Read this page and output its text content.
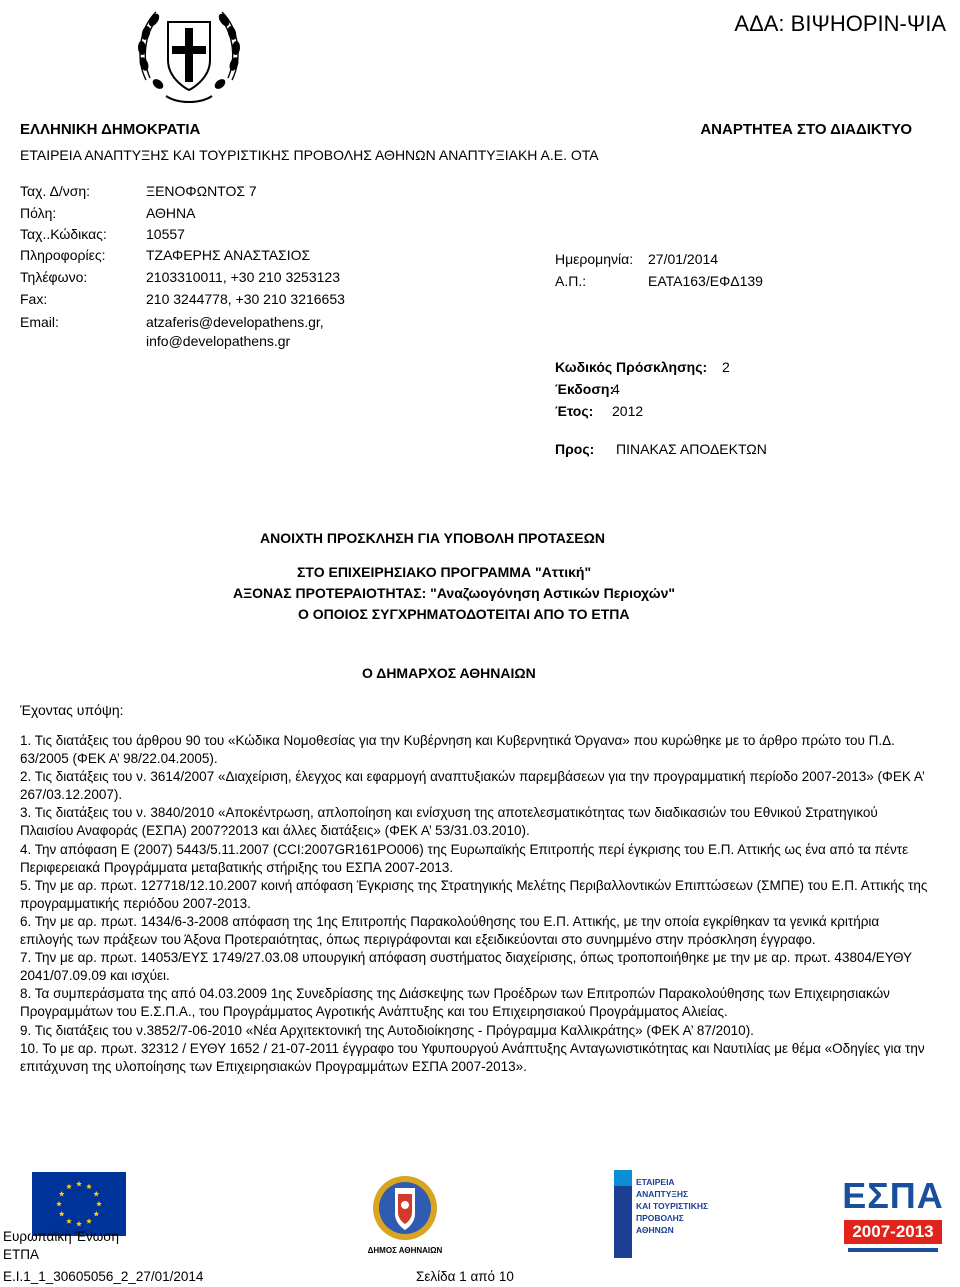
ΑΔΑ: ΒΙΨΗΟΡΙΝ-ΨΙΑ
ΕΛΛΗΝΙΚΗ ΔΗΜΟΚΡΑΤΙΑ	ΑΝΑΡΤΗΤΕΑ ΣΤΟ ΔΙΑΔΙΚΤΥΟ
ΕΤΑΙΡΕΙΑ ΑΝΑΠΤΥΞΗΣ ΚΑΙ ΤΟΥΡΙΣΤΙΚΗΣ ΠΡΟΒΟΛΗΣ ΑΘΗΝΩΝ ΑΝΑΠΤΥΞΙΑΚΗ Α.Ε. ΟΤΑ
Ταχ. Δ/νση:	ΞΕΝΟΦΩΝΤΟΣ 7
Πόλη:	ΑΘΗΝΑ
Ταχ..Κώδικας:	10557
Πληροφορίες:	ΤΖΑΦΕΡΗΣ ΑΝΑΣΤΑΣΙΟΣ
Τηλέφωνο:	2103310011, +30 210 3253123
Fax:	210 3244778, +30 210 3216653
Email:	atzaferis@developathens.gr,
info@developathens.gr
Ημερομηνία: 27/01/2014
Α.Π.:	ΕΑΤΑ163/ΕΦΔ139
Κωδικός Πρόσκλησης: 2
Έκδοση:
4
Έτος: 2012
Προς: ΠΙΝΑΚΑΣ ΑΠΟΔΕΚΤΩΝ
ΑΝΟΙΧΤΗ ΠΡΟΣΚΛΗΣΗ ΓΙΑ ΥΠΟΒΟΛΗ ΠΡΟΤΑΣΕΩΝ
ΣΤΟ ΕΠΙΧΕΙΡΗΣΙΑΚΟ ΠΡΟΓΡΑΜΜΑ "Αττική"
ΑΞΟΝΑΣ ΠΡΟΤΕΡΑΙΟΤΗΤΑΣ: "Αναζωογόνηση Αστικών Περιοχών"
Ο ΟΠΟΙΟΣ ΣΥΓΧΡΗΜΑΤΟΔΟΤΕΙΤΑΙ ΑΠΟ ΤΟ ΕΤΠΑ
Ο ΔΗΜΑΡΧΟΣ ΑΘΗΝΑΙΩΝ
Έχοντας υπόψη:

1. Τις διατάξεις του άρθρου 90 του «Κώδικα Νομοθεσίας για την Κυβέρνηση και Κυβερνητικά Όργανα» που κυρώθηκε με το άρθρο πρώτο του Π.Δ. 63/2005 (ΦΕΚ Α’ 98/22.04.2005).

2. Τις διατάξεις του ν. 3614/2007 «Διαχείριση, έλεγχος και εφαρμογή αναπτυξιακών παρεμβάσεων για την προγραμματική περίοδο 2007-2013» (ΦΕΚ Α’ 267/03.12.2007).

3. Τις διατάξεις του ν. 3840/2010 «Αποκέντρωση, απλοποίηση και ενίσχυση της αποτελεσματικότητας των διαδικασιών του Εθνικού Στρατηγικού Πλαισίου Αναφοράς (ΕΣΠΑ) 2007?2013 και άλλες διατάξεις» (ΦΕΚ Α’ 53/31.03.2010).

4. Την απόφαση Ε (2007) 5443/5.11.2007 (CCI:2007GR161PO006) της Ευρωπαϊκής Επιτροπής περί έγκρισης του Ε.Π. Αττικής ως ένα από τα πέντε Περιφερειακά Προγράμματα μεταβατικής στήριξης του ΕΣΠΑ 2007-2013.

5. Την με αρ. πρωτ. 127718/12.10.2007 κοινή απόφαση Έγκρισης της Στρατηγικής Μελέτης Περιβαλλοντικών Επιπτώσεων (ΣΜΠΕ) του Ε.Π. Αττικής της προγραμματικής περιόδου 2007-2013.

6. Την με αρ. πρωτ. 1434/6-3-2008 απόφαση της 1ης Επιτροπής Παρακολούθησης του Ε.Π. Αττικής, με την οποία εγκρίθηκαν τα γενικά κριτήρια επιλογής των πράξεων του Άξονα Προτεραιότητας, όπως περιγράφονται και εξειδικεύονται στο συνημμένο στην πρόσκληση έγγραφο.

7. Την με αρ. πρωτ. 14053/ΕΥΣ 1749/27.03.08 υπουργική απόφαση συστήματος διαχείρισης, όπως τροποποιήθηκε με την με αρ. πρωτ. 43804/ΕΥΘΥ 2041/07.09.09 και ισχύει.

8. Τα συμπεράσματα της από 04.03.2009 1ης Συνεδρίασης της Διάσκεψης των Προέδρων των Επιτροπών Παρακολούθησης των Επιχειρησιακών Προγραμμάτων του Ε.Σ.Π.Α., του Προγράμματος Αγροτικής Ανάπτυξης και του Επιχειρησιακού Προγράμματος Αλιείας.

9. Τις διατάξεις του ν.3852/7-06-2010 «Νέα Αρχιτεκτονική της Αυτοδιοίκησης - Πρόγραμμα Καλλικράτης» (ΦΕΚ Α’ 87/2010).

10. Το με αρ. πρωτ. 32312 / ΕΥΘΥ 1652 / 21-07-2011 έγγραφο του Υφυπουργού Ανάπτυξης Ανταγωνιστικότητας και Ναυτιλίας με θέμα «Οδηγίες για την επιτάχυνση της υλοποίησης των Επιχειρησιακών Προγραμμάτων ΕΣΠΑ 2007-2013».

Ευρωπαϊκή Ένωση
ΕΤΠΑ
Ε.Ι.1_1_30605056_2_27/01/2014
ΔΗΜΟΣ ΑΘΗΝΑΙΩΝ
Σελίδα 1 από 10
ΕΤΑΙΡΕΙΑ
ΑΝΑΠΤΥΞΗΣ
ΚΑΙ ΤΟΥΡΙΣΤΙΚΗΣ
ΠΡΟΒΟΛΗΣ
ΑΘΗΝΩΝ
ΕΣΠΑ
2007-2013
